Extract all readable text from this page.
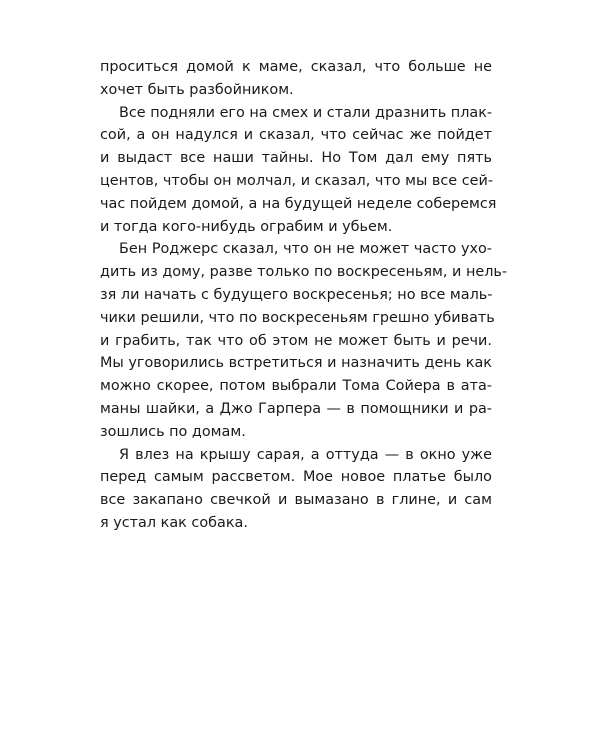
проситься домой к маме, сказал, что больше не
хочет быть разбойником.

Все подняли его на смех и стали дразнить плак-
сой, а он надулся и сказал, что сейчас же пойдет
и выдаст все наши тайны. Но Том дал ему пять
центов, чтобы он молчал, и сказал, что мы все сей-
час пойдем домой, а на будущей неделе соберемся
и тогда кого-нибудь ограбим и убьем.

Бен Роджерс сказал, что он не может часто ухо-
дить из дому, разве только по воскресеньям, и нель-
зя ли начать с будущего воскресенья; но все маль-
чики решили, что по воскресеньям грешно убивать
и грабить, так что об этом не может быть и речи.
Мы уговорились встретиться и назначить день как
можно скорее, потом выбрали Тома Сойера в ата-
маны шайки, а Джо Гарпера — в помощники и ра-
зошлись по домам.

Я влез на крышу сарая, а оттуда — в окно уже
перед самым рассветом. Мое новое платье было
все закапано свечкой и вымазано в глине, и сам
я устал как собака.
